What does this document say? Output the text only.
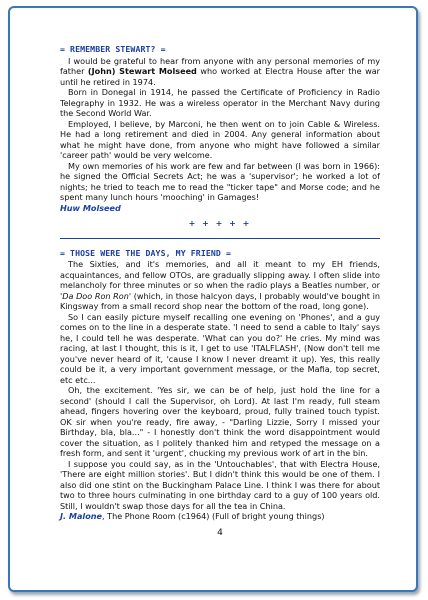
= REMEMBER STEWART? =

I would be grateful to hear from anyone with any personal memories of my father (John) Stewart Molseed who worked at Electra House after the war until he retired in 1974.

Born in Donegal in 1914, he passed the Certificate of Proficiency in Radio Telegraphy in 1932. He was a wireless operator in the Merchant Navy during the Second World War.

Employed, I believe, by Marconi, he then went on to join Cable & Wireless. He had a long retirement and died in 2004. Any general information about what he might have done, from anyone who might have followed a similar 'career path' would be very welcome.

My own memories of his work are few and far between (I was born in 1966): he signed the Official Secrets Act; he was a 'supervisor'; he worked a lot of nights; he tried to teach me to read the "ticker tape" and Morse code; and he spent many lunch hours 'mooching' in Gamages!

Huw Molseed
+ + + + +
= THOSE WERE THE DAYS, MY FRIEND =

The Sixties, and it's memories, and all it meant to my EH friends, acquaintances, and fellow OTOs, are gradually slipping away. I often slide into melancholy for three minutes or so when the radio plays a Beatles number, or 'Da Doo Ron Ron' (which, in those halcyon days, I probably would've bought in Kingsway from a small record shop near the bottom of the road, long gone).

So I can easily picture myself recalling one evening on 'Phones', and a guy comes on to the line in a desperate state. 'I need to send a cable to Italy' says he, I could tell he was desperate. 'What can you do?' He cries. My mind was racing, at last I thought, this is it, I get to use 'ITALFLASH', (Now don't tell me you've never heard of it, 'cause I know I never dreamt it up). Yes, this really could be it, a very important government message, or the Mafia, top secret, etc etc...

Oh, the excitement. 'Yes sir, we can be of help, just hold the line for a second' (should I call the Supervisor, oh Lord). At last I'm ready, full steam ahead, fingers hovering over the keyboard, proud, fully trained touch typist. OK sir when you're ready, fire away, - "Darling Lizzie, Sorry I missed your Birthday, bla, bla..." - I honestly don't think the word disappointment would cover the situation, as I politely thanked him and retyped the message on a fresh form, and sent it 'urgent', chucking my previous work of art in the bin.

I suppose you could say, as in the 'Untouchables', that with Electra House, 'There are eight million stories'. But I didn't think this would be one of them. I also did one stint on the Buckingham Palace Line. I think I was there for about two to three hours culminating in one birthday card to a guy of 100 years old. Still, I wouldn't swap those days for all the tea in China.

J. Malone, The Phone Room (c1964) (Full of bright young things)
4
